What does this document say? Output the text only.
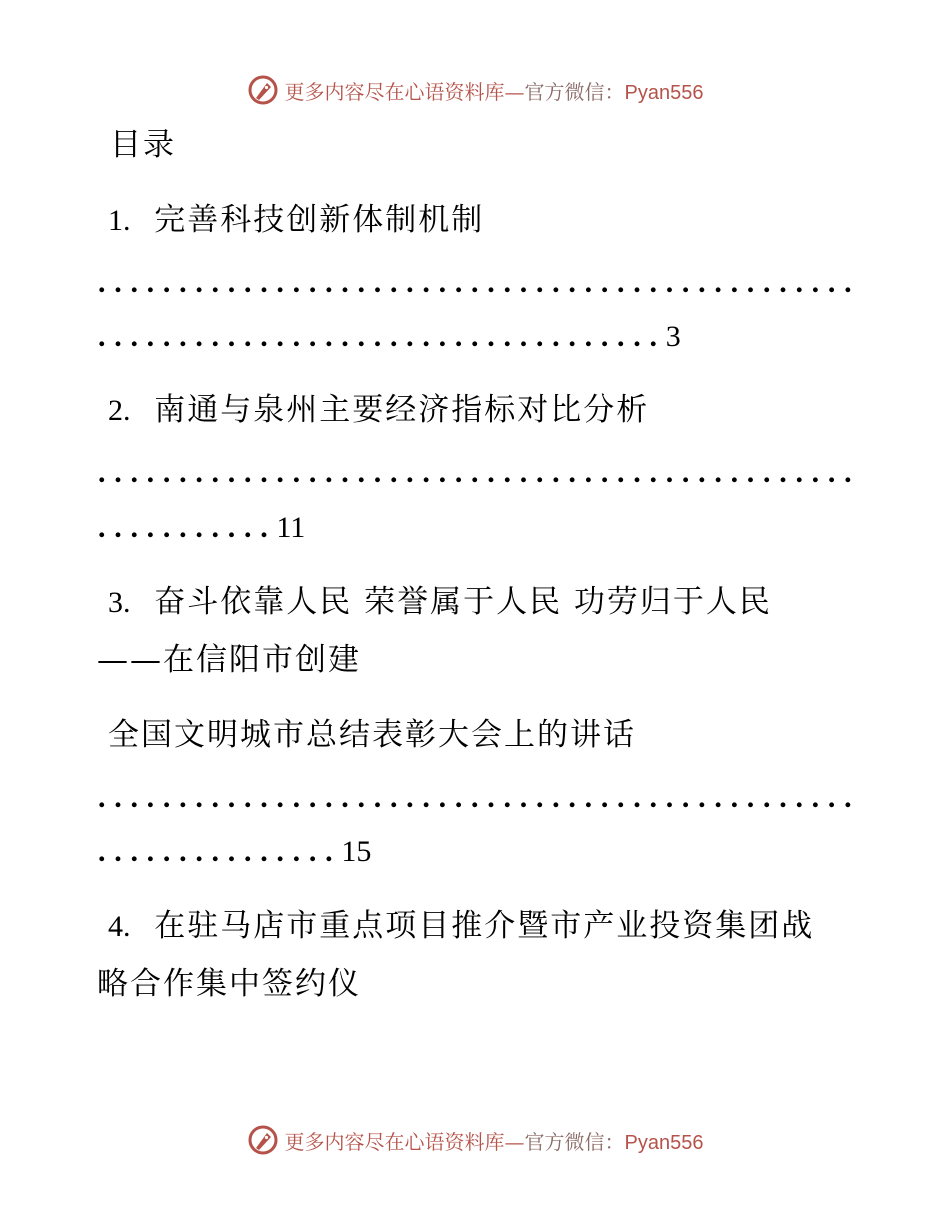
更多内容尽在心语资料库—官方微信：Pyan556
目录
1. 完善科技创新体制机制
...............................................
...................................3
2. 南通与泉州主要经济指标对比分析
...............................................
...........11
3. 奋斗依靠人民 荣誉属于人民 功劳归于人民
——在信阳市创建
全国文明城市总结表彰大会上的讲话
...............................................
...............15
4. 在驻马店市重点项目推介暨市产业投资集团战
略合作集中签约仪
更多内容尽在心语资料库—官方微信：Pyan556
